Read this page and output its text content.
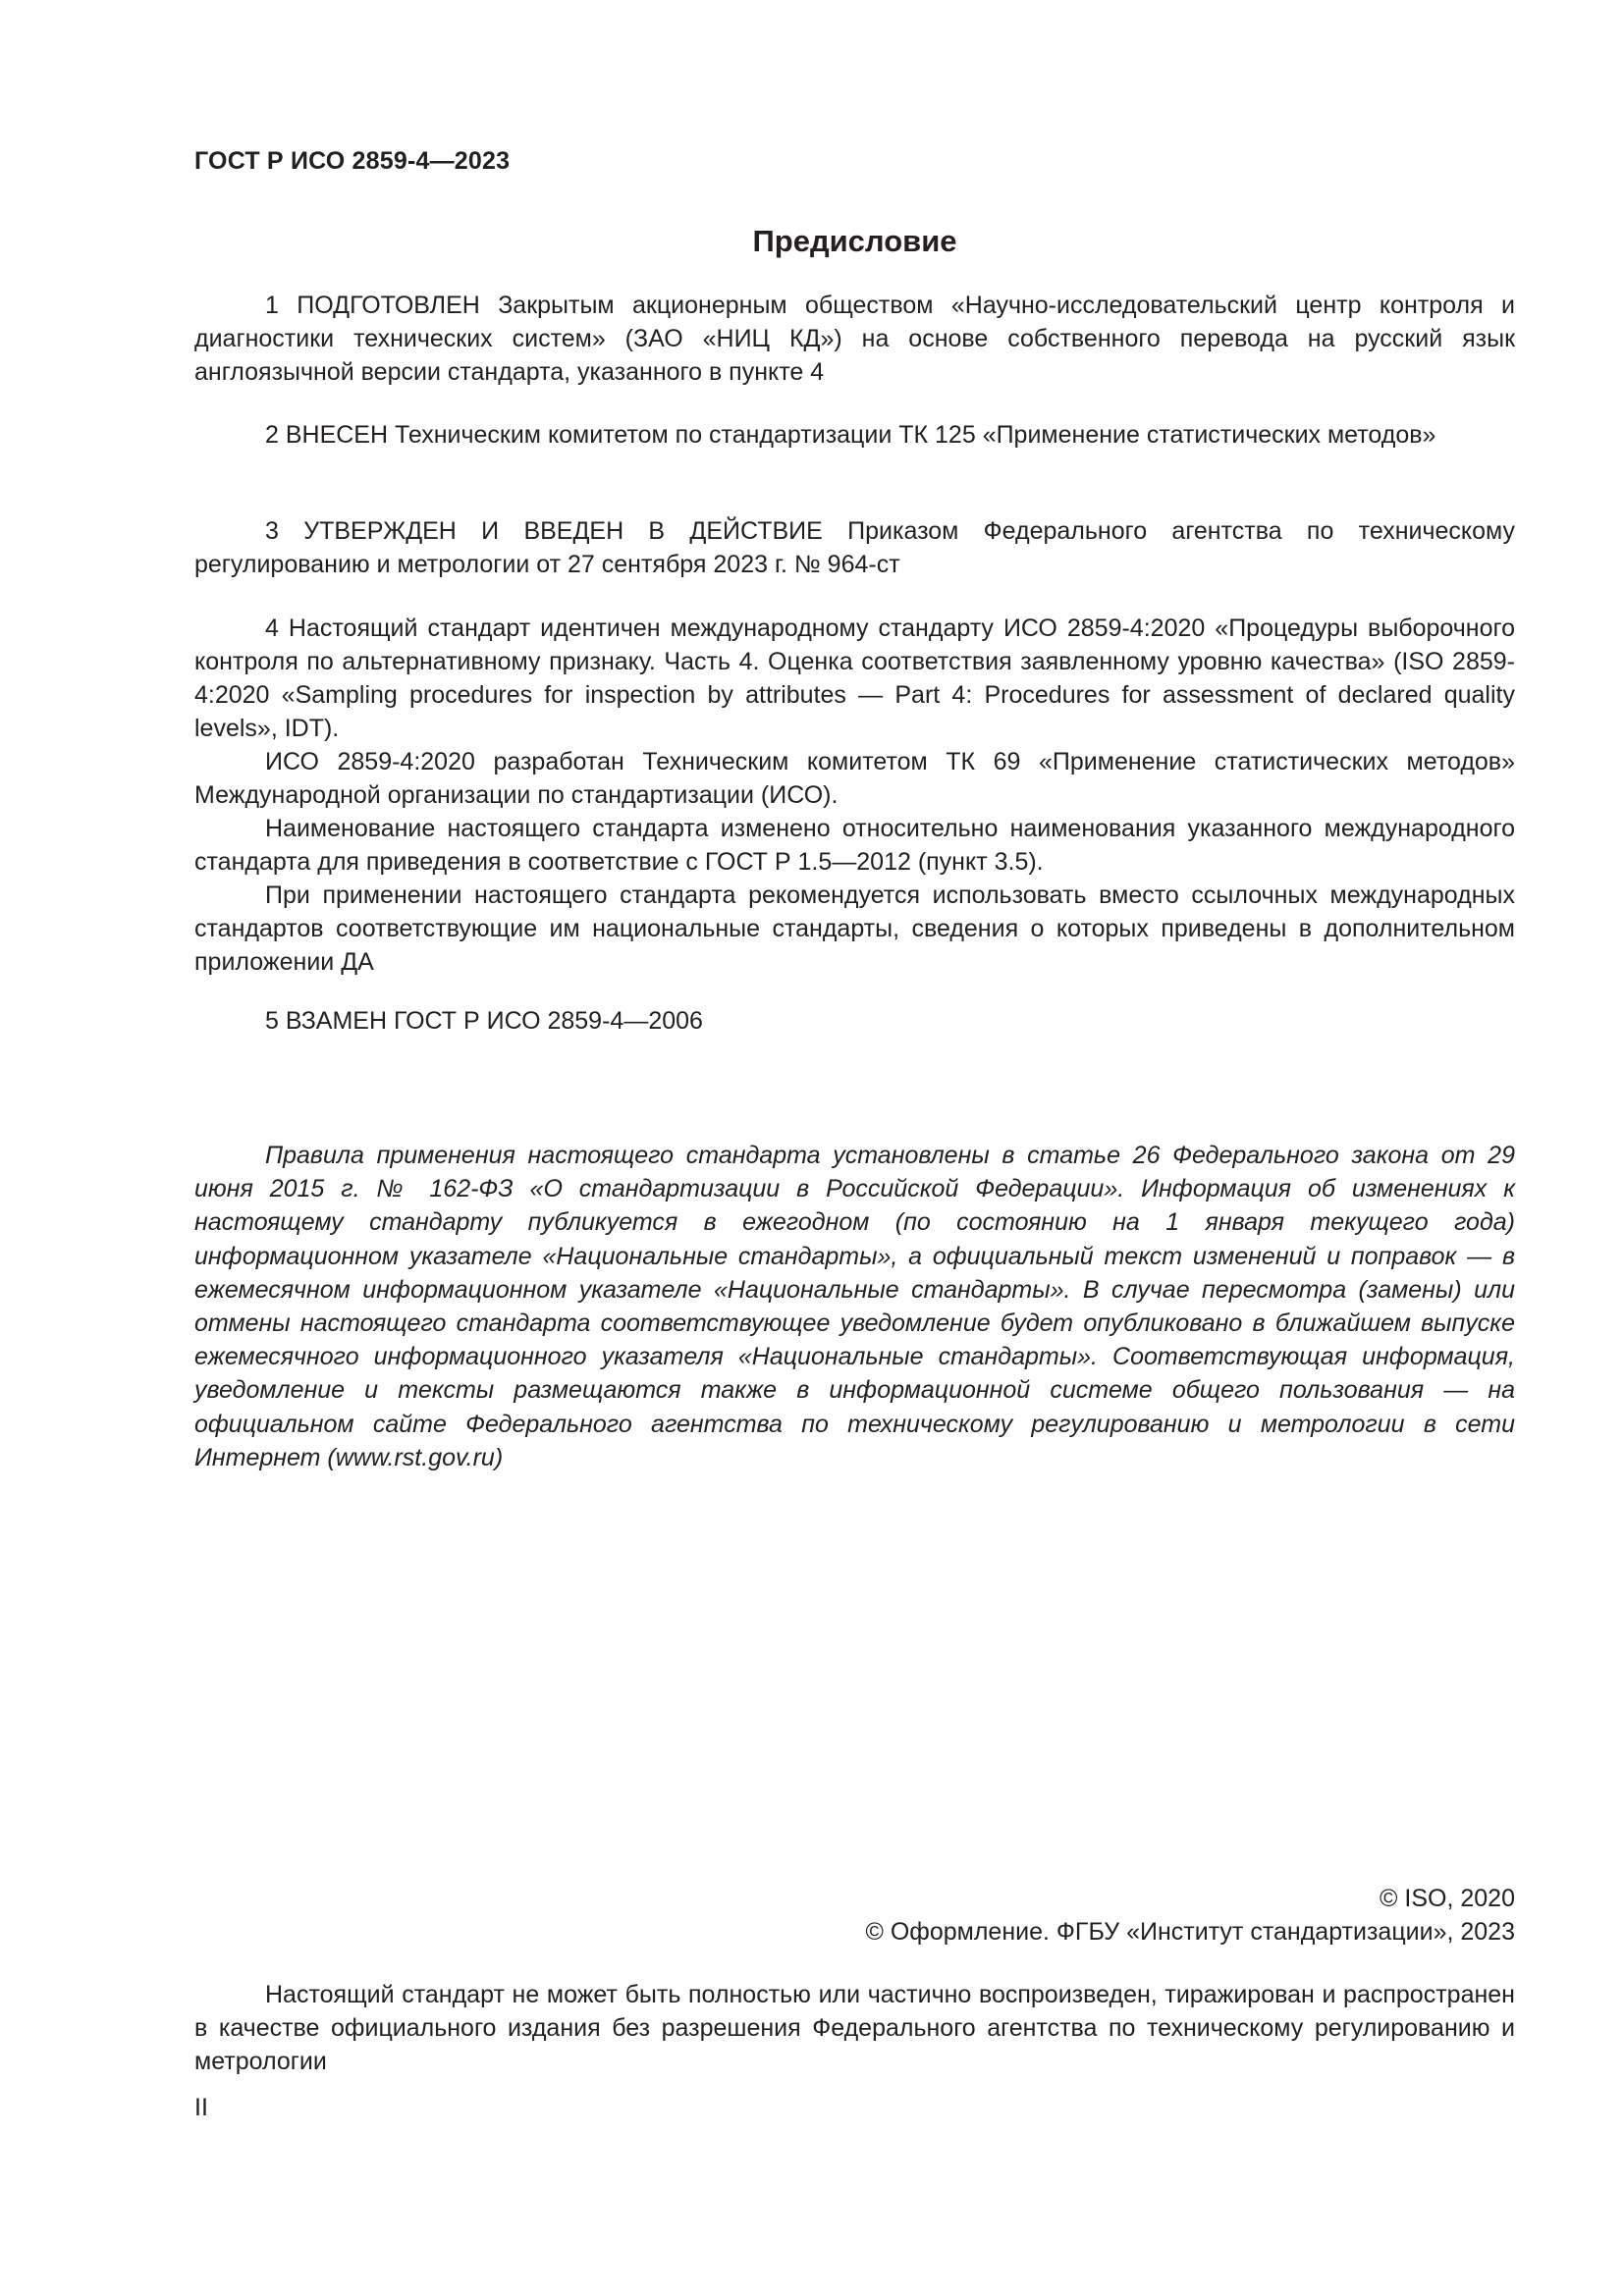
ГОСТ Р ИСО 2859-4—2023
Предисловие

1 ПОДГОТОВЛЕН Закрытым акционерным обществом «Научно-исследовательский центр контроля и диагностики технических систем» (ЗАО «НИЦ КД») на основе собственного перевода на русский язык англоязычной версии стандарта, указанного в пункте 4

2 ВНЕСЕН Техническим комитетом по стандартизации ТК 125 «Применение статистических методов»

3 УТВЕРЖДЕН И ВВЕДЕН В ДЕЙСТВИЕ Приказом Федерального агентства по техническому регулированию и метрологии от 27 сентября 2023 г. № 964-ст

4 Настоящий стандарт идентичен международному стандарту ИСО 2859-4:2020 «Процедуры выборочного контроля по альтернативному признаку. Часть 4. Оценка соответствия заявленному уровню качества» (ISO 2859-4:2020 «Sampling procedures for inspection by attributes — Part 4: Procedures for assessment of declared quality levels», IDT).

ИСО 2859-4:2020 разработан Техническим комитетом ТК 69 «Применение статистических методов» Международной организации по стандартизации (ИСО).

Наименование настоящего стандарта изменено относительно наименования указанного международного стандарта для приведения в соответствие с ГОСТ Р 1.5—2012 (пункт 3.5).

При применении настоящего стандарта рекомендуется использовать вместо ссылочных международных стандартов соответствующие им национальные стандарты, сведения о которых приведены в дополнительном приложении ДА

5 ВЗАМЕН ГОСТ Р ИСО 2859-4—2006

Правила применения настоящего стандарта установлены в статье 26 Федерального закона от 29 июня 2015 г. № 162-ФЗ «О стандартизации в Российской Федерации». Информация об изменениях к настоящему стандарту публикуется в ежегодном (по состоянию на 1 января текущего года) информационном указателе «Национальные стандарты», а официальный текст изменений и поправок — в ежемесячном информационном указателе «Национальные стандарты». В случае пересмотра (замены) или отмены настоящего стандарта соответствующее уведомление будет опубликовано в ближайшем выпуске ежемесячного информационного указателя «Национальные стандарты». Соответствующая информация, уведомление и тексты размещаются также в информационной системе общего пользования — на официальном сайте Федерального агентства по техническому регулированию и метрологии в сети Интернет (www.rst.gov.ru)

© ISO, 2020
© Оформление. ФГБУ «Институт стандартизации», 2023

Настоящий стандарт не может быть полностью или частично воспроизведен, тиражирован и распространен в качестве официального издания без разрешения Федерального агентства по техническому регулированию и метрологии

II
